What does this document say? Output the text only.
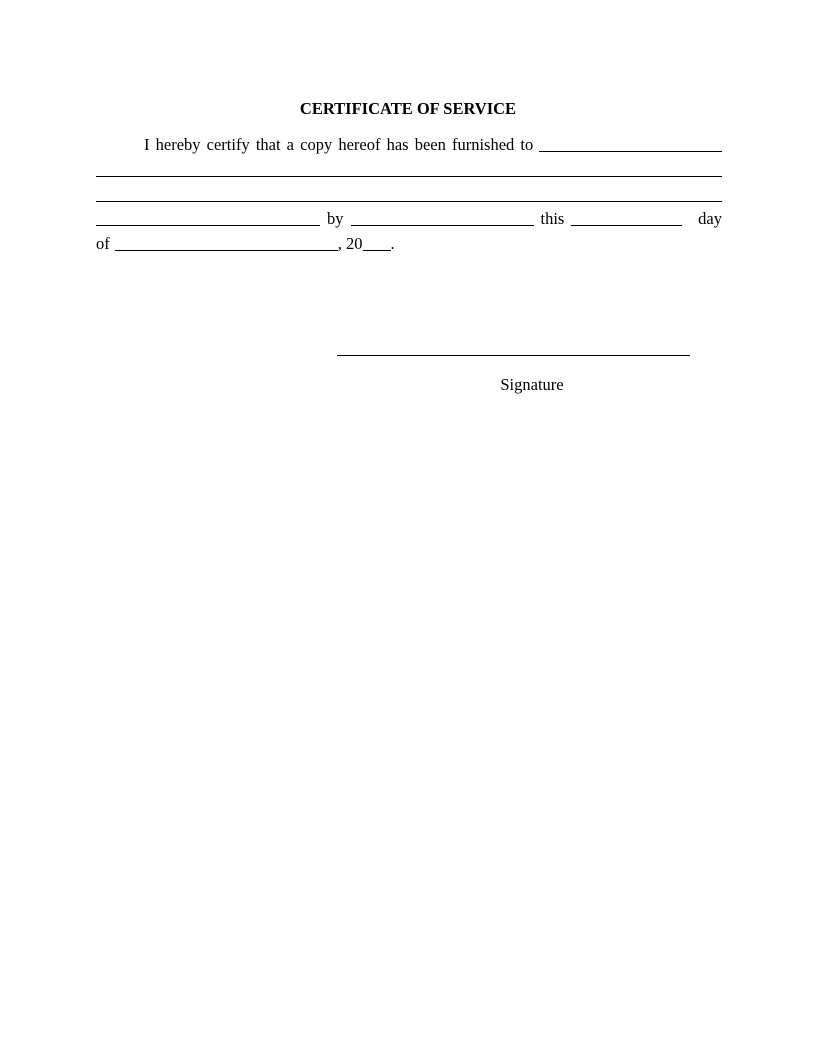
CERTIFICATE OF SERVICE
I hereby certify that a copy hereof has been furnished to
by	this	day
of	, 20 .
Signature
